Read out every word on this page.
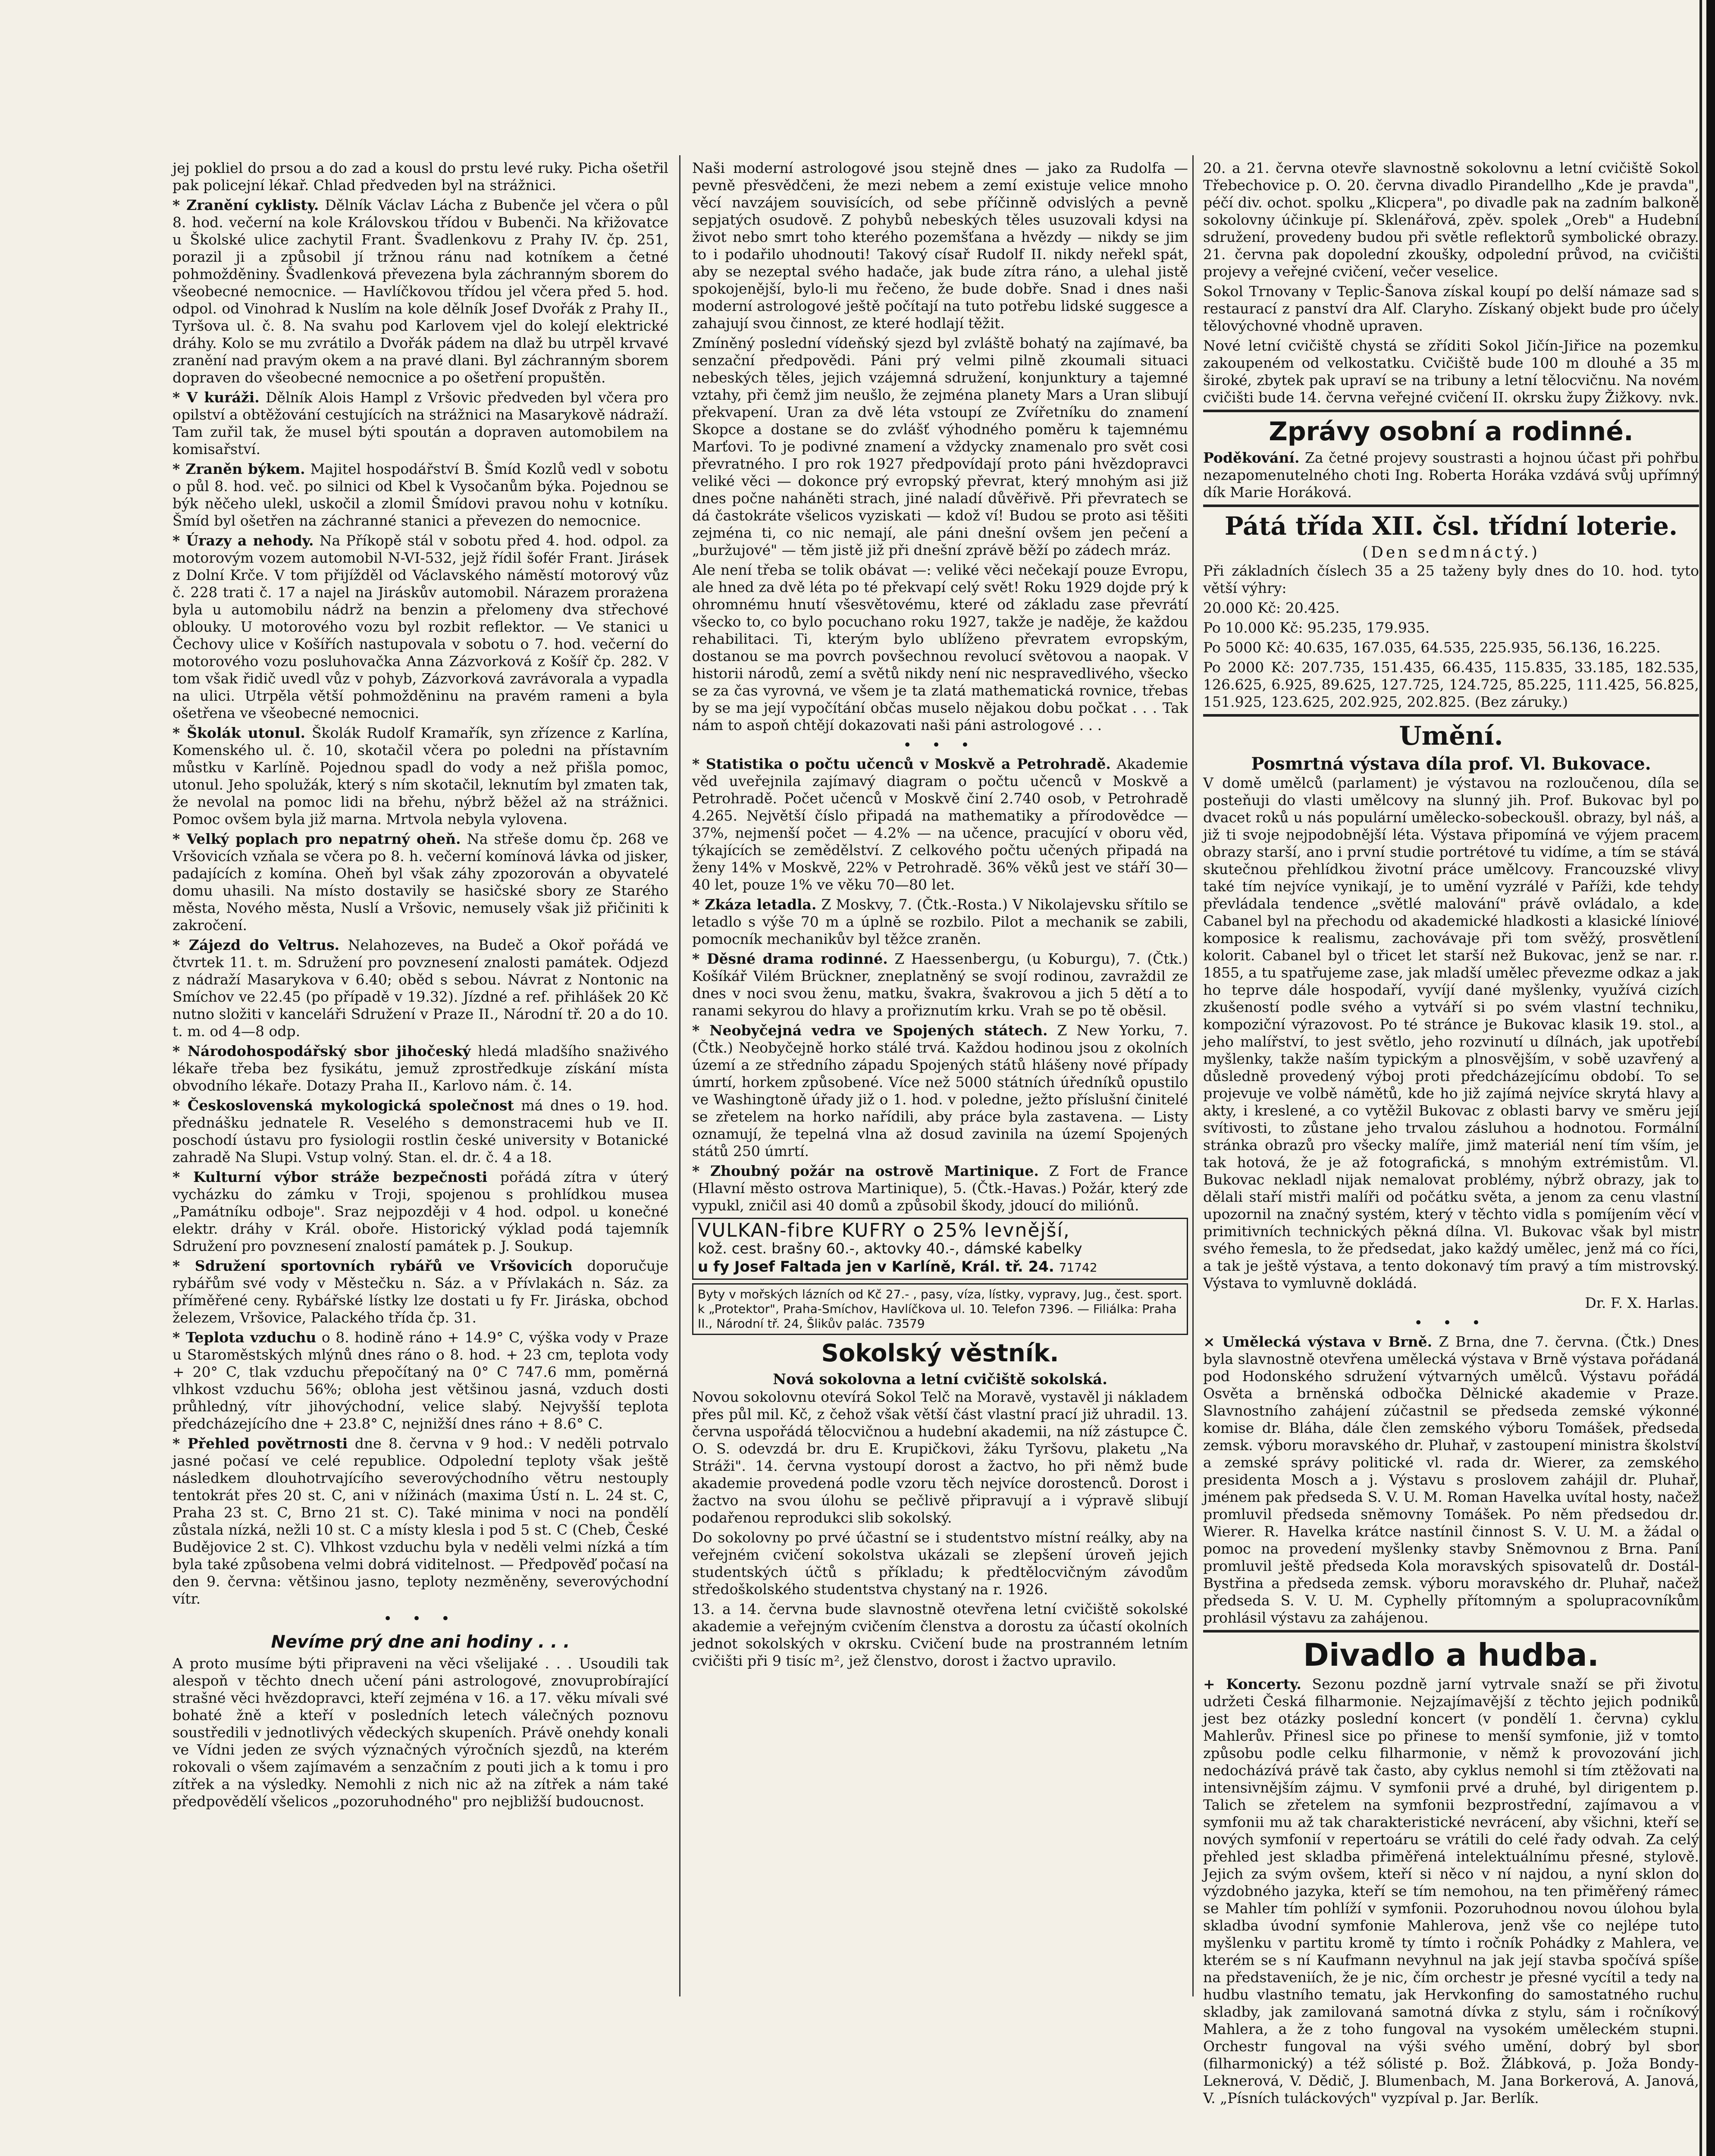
jej pokliel do prsou a do zad a kousl do prstu levé ruky. Picha ošetřil pak policejní lékař. Chlad předveden byl na strážnici.

* Zranění cyklisty. Dělník Václav Lácha z Bubenče jel včera o půl 8. hod. večerní na kole Královskou třídou v Bubenči. Na křižovatce u Školské ulice zachytil Frant. Švadlenkovu z Prahy IV. čp. 251, porazil ji a způsobil jí tržnou ránu nad kotníkem a četné pohmožděniny. Švadlenková převezena byla záchranným sborem do všeobecné nemocnice. — Havlíčkovou třídou jel včera před 5. hod. odpol. od Vinohrad k Nuslím na kole dělník Josef Dvořák z Prahy II., Tyršova ul. č. 8. Na svahu pod Karlovem vjel do kolejí elektrické dráhy. Kolo se mu zvrátilo a Dvořák pádem na dlaž bu utrpěl krvavé zranění nad pravým okem a na pravé dlani. Byl záchranným sborem dopraven do všeobecné nemocnice a po ošetření propuštěn.

* V kuráži. Dělník Alois Hampl z Vršovic předveden byl včera pro opilství a obtěžování cestujících na strážnici na Masarykově nádraží. Tam zuřil tak, že musel býti spoután a dopraven automobilem na komisařství.

* Zraněn býkem. Majitel hospodářství B. Šmíd Kozlů vedl v sobotu o půl 8. hod. več. po silnici od Kbel k Vysočanům býka. Pojednou se býk něčeho ulekl, uskočil a zlomil Šmídovi pravou nohu v kotníku. Šmíd byl ošetřen na záchranné stanici a převezen do nemocnice.

* Úrazy a nehody. Na Příkopě stál v sobotu před 4. hod. odpol. za motorovým vozem automobil N-VI-532, jejž řídil šofér Frant. Jirásek z Dolní Krče. V tom přijížděl od Václavského náměstí motorový vůz č. 228 trati č. 17 a najel na Jiráskův automobil. Nárazem prorażena byla u automobilu nádrž na benzin a přelomeny dva střechové oblouky. U motorového vozu byl rozbit reflektor. — Ve stanici u Čechovy ulice v Košířích nastupovala v sobotu o 7. hod. večerní do motorového vozu posluhovačka Anna Zázvorková z Košíř čp. 282. V tom však řidič uvedl vůz v pohyb, Zázvorková zavrávorala a vypadla na ulici. Utrpěla větší pohmožděninu na pravém rameni a byla ošetřena ve všeobecné nemocnici.

* Školák utonul. Školák Rudolf Kramařík, syn zřízence z Karlína, Komenského ul. č. 10, skotačil včera po poledni na přístavním můstku v Karlíně. Pojednou spadl do vody a než přišla pomoc, utonul. Jeho spolužák, který s ním skotačil, leknutím byl zmaten tak, že nevolal na pomoc lidi na břehu, nýbrž běžel až na strážnici. Pomoc ovšem byla již marna. Mrtvola nebyla vylovena.

* Velký poplach pro nepatrný oheň. Na střeše domu čp. 268 ve Vršovicích vzňala se včera po 8. h. večerní komínová lávka od jisker, padajících z komína. Oheň byl však záhy zpozorován a obyvatelé domu uhasili. Na místo dostavily se hasičské sbory ze Starého města, Nového města, Nuslí a Vršovic, nemusely však již přičiniti k zakročení.

* Zájezd do Veltrus. Nelahozeves, na Budeč a Okoř pořádá ve čtvrtek 11. t. m. Sdružení pro povznesení znalosti památek. Odjezd z nádraží Masarykova v 6.40; oběd s sebou. Návrat z Nontonic na Smíchov ve 22.45 (po případě v 19.32). Jízdné a ref. přihlášek 20 Kč nutno složiti v kanceláři Sdružení v Praze II., Národní tř. 20 a do 10. t. m. od 4—8 odp.

* Národohospodářský sbor jihočeský hledá mladšího snaživého lékaře třeba bez fysikátu, jemuž zprostředkuje získání místa obvodního lékaře. Dotazy Praha II., Karlovo nám. č. 14.

* Československá mykologická společnost má dnes o 19. hod. přednášku jednatele R. Veselého s demonstracemi hub ve II. poschodí ústavu pro fysiologii rostlin české university v Botanické zahradě Na Slupi. Vstup volný. Stan. el. dr. č. 4 a 18.

* Kulturní výbor stráže bezpečnosti pořádá zítra v úterý vycházku do zámku v Troji, spojenou s prohlídkou musea „Památníku odboje". Sraz nejpozději v 4 hod. odpol. u konečné elektr. dráhy v Král. oboře. Historický výklad podá tajemník Sdružení pro povznesení znalostí památek p. J. Soukup.

* Sdružení sportovních rybářů ve Vršovicích doporučuje rybářům své vody v Městečku n. Sáz. a v Přívlakách n. Sáz. za příměřené ceny. Rybářské lístky lze dostati u fy Fr. Jiráska, obchod železem, Vršovice, Palackého třída čp. 31.

* Teplota vzduchu o 8. hodině ráno + 14.9° C, výška vody v Praze u Staroměstských mlýnů dnes ráno o 8. hod. + 23 cm, teplota vody + 20° C, tlak vzduchu přepočítaný na 0° C 747.6 mm, poměrná vlhkost vzduchu 56%; obloha jest většinou jasná, vzduch dosti průhledný, vítr jihovýchodní, velice slabý. Nejvyšší teplota předcházejícího dne + 23.8° C, nejnižší dnes ráno + 8.6° C.

* Přehled povětrnosti dne 8. června v 9 hod.: V neděli potrvalo jasné počasí ve celé republice. Odpolední teploty však ještě následkem dlouhotrvajícího severovýchodního větru nestouply tentokrát přes 20 st. C, ani v nížinách (maxima Ústí n. L. 24 st. C, Praha 23 st. C, Brno 21 st. C). Také minima v noci na pondělí zůstala nízká, nežli 10 st. C a místy klesla i pod 5 st. C (Cheb, České Budějovice 2 st. C). Vlhkost vzduchu byla v neděli velmi nízká a tím byla také způsobena velmi dobrá viditelnost. — Předpověď počasí na den 9. června: většinou jasno, teploty nezměněny, severovýchodní vítr.

• • •
Nevíme prý dne ani hodiny . . .

A proto musíme býti připraveni na věci všelijaké . . . Usoudili tak alespoň v těchto dnech učení páni astrologové, znovuprobírající strašné věci hvězdopravci, kteří zejména v 16. a 17. věku mívali své bohaté žně a kteří v posledních letech válečných poznovu soustředili v jednotlivých vědeckých skupeních. Právě onehdy konali ve Vídni jeden ze svých význačných výročních sjezdů, na kterém rokovali o všem zajímavém a senzačním z pouti jich a k tomu i pro zítřek a na výsledky. Nemohli z nich nic až na zítřek a nám také předpovědělí všelicos „pozoruhodného" pro nejbližší budoucnost.

Naši moderní astrologové jsou stejně dnes — jako za Rudolfa — pevně přesvědčeni, že mezi nebem a zemí existuje velice mnoho věcí navzájem souvisících, od sebe příčinně odvislých a pevně sepjatých osudově. Z pohybů nebeských těles usuzovali kdysi na život nebo smrt toho kterého pozemšťana a hvězdy — nikdy se jim to i podařilo uhodnouti! Takový císař Rudolf II. nikdy neřekl spát, aby se nezeptal svého hadače, jak bude zítra ráno, a ulehal jistě spokojenější, bylo-li mu řečeno, že bude dobře. Snad i dnes naši moderní astrologové ještě počítají na tuto potřebu lidské suggesce a zahajují svou činnost, ze které hodlají těžit.

Zmíněný poslední vídeňský sjezd byl zvláště bohatý na zajímavé, ba senzační předpovědi. Páni prý velmi pilně zkoumali situaci nebeských těles, jejich vzájemná sdružení, konjunktury a tajemné vztahy, při čemž jim neušlo, že zejména planety Mars a Uran slibují překvapení. Uran za dvě léta vstoupí ze Zvířetníku do znamení Skopce a dostane se do zvlášť výhodného poměru k tajemnému Marťovi. To je podivné znamení a vždycky znamenalo pro svět cosi převratného. I pro rok 1927 předpovídají proto páni hvězdopravci veliké věci — dokonce prý evropský převrat, který mnohým asi již dnes počne naháněti strach, jiné naladí důvěřivě. Při převratech se dá častokráte všelicos vyziskati — kdož ví! Budou se proto asi těšiti zejména ti, co nic nemají, ale páni dnešní ovšem jen pečení a „buržujové" — těm jistě již při dnešní zprávě běží po zádech mráz.

Ale není třeba se tolik obávat —: veliké věci nečekají pouze Evropu, ale hned za dvě léta po té překvapí celý svět! Roku 1929 dojde prý k ohromnému hnutí všesvětovému, které od základu zase převrátí všecko to, co bylo pocuchano roku 1927, takže je naděje, že každou rehabilitaci. Ti, kterým bylo ublíženo převratem evropským, dostanou se ma povrch povšechnou revolucí světovou a naopak. V historii národů, zemí a světů nikdy není nic nespravedlivého, všecko se za čas vyrovná, ve všem je ta zlatá mathematická rovnice, třebas by se ma její vypočítání občas muselo nějakou dobu počkat . . . Tak nám to aspoň chtějí dokazovati naši páni astrologové . . .

• • •

* Statistika o počtu učenců v Moskvě a Petrohradě. Akademie věd uveřejnila zajímavý diagram o počtu učenců v Moskvě a Petrohradě. Počet učenců v Moskvě činí 2.740 osob, v Petrohradě 4.265. Největší číslo připadá na mathematiky a přírodovědce — 37%, nejmenší počet — 4.2% — na učence, pracující v oboru věd, týkajících se zemědělství. Z celkového počtu učených připadá na ženy 14% v Moskvě, 22% v Petrohradě. 36% věků jest ve stáří 30—40 let, pouze 1% ve věku 70—80 let.

* Zkáza letadla. Z Moskvy, 7. (Čtk.-Rosta.) V Nikolajevsku sřítilo se letadlo s výše 70 m a úplně se rozbilo. Pilot a mechanik se zabili, pomocník mechanikův byl těžce zraněn.

* Děsné drama rodinné. Z Haessenbergu, (u Koburgu), 7. (Čtk.) Košíkář Vilém Brückner, zneplatněný se svojí rodinou, zavraždil ze dnes v noci svou ženu, matku, švakra, švakrovou a jich 5 dětí a to ranami sekyrou do hlavy a prořiznutím krku. Vrah se po tě oběsil.

* Neobyčejná vedra ve Spojených státech. Z New Yorku, 7. (Čtk.) Neobyčejně horko stálé trvá. Každou hodinou jsou z okolních území a ze středního západu Spojených států hlášeny nové případy úmrtí, horkem způsobené. Více než 5000 státních úředníků opustilo ve Washingtoně úřady již o 1. hod. v poledne, ježto příslušní činitelé se zřetelem na horko nařídili, aby práce byla zastavena. — Listy oznamují, že tepelná vlna až dosud zavinila na území Spojených států 250 úmrtí.

* Zhoubný požár na ostrově Martinique. Z Fort de France (Hlavní město ostrova Martinique), 5. (Čtk.-Havas.) Požár, který zde vypukl, zničil asi 40 domů a způsobil škody, jdoucí do miliónů.

VULKAN-fibre KUFRY o 25% levnější,
kož. cest. brašny 60.-, aktovky 40.-, dámské kabelky
u fy Josef Faltada jen v Karlíně, Král. tř. 24. 71742
Byty v mořských lázních od Kč 27.- , pasy, víza, lístky, vypravy, Jug., čest. sport. k „Protektor", Praha-Smíchov, Havlíčkova ul. 10. Telefon 7396. — Filiálka: Praha II., Národní tř. 24, Šlikův palác. 73579
Sokolský věstník.
Nová sokolovna a letní cvičiště sokolská.

Novou sokolovnu otevírá Sokol Telč na Moravě, vystavěl ji nákladem přes půl mil. Kč, z čehož však větší část vlastní prací již uhradil. 13. června uspořádá tělocvičnou a hudební akademii, na níž zástupce Č. O. S. odevzdá br. dru E. Krupičkovi, žáku Tyršovu, plaketu „Na Stráži". 14. června vystoupí dorost a žactvo, ho při němž bude akademie provedená podle vzoru těch nejvíce dorostenců. Dorost i žactvo na svou úlohu se pečlivě připravují a i výpravě slibují podařenou reprodukci slib sokolský.

Do sokolovny po prvé účastní se i studentstvo místní reálky, aby na veřejném cvičení sokolstva ukázali se zlepšení úroveň jejich studentských účtů s příkladu; k předtělocvičným závodům středoškolského studentstva chystaný na r. 1926.

13. a 14. června bude slavnostně otevřena letní cvičiště sokolské akademie a veřejným cvičením členstva a dorostu za účastí okolních jednot sokolských v okrsku. Cvičení bude na prostranném letním cvičišti při 9 tisíc m², jež členstvo, dorost i žactvo upravilo.

20. a 21. června otevře slavnostně sokolovnu a letní cvičiště Sokol Třebechovice p. O. 20. června divadlo Pirandellho „Kde je pravda", péčí div. ochot. spolku „Klicpera", po divadle pak na zadním balkoně sokolovny účinkuje pí. Sklenářová, zpěv. spolek „Oreb" a Hudební sdružení, provedeny budou při světle reflektorů symbolické obrazy. 21. června pak dopolední zkoušky, odpolední průvod, na cvičišti projevy a veřejné cvičení, večer veselice.

Sokol Trnovany v Teplic-Šanova získal koupí po delší námaze sad s restaurací z panství dra Alf. Claryho. Získaný objekt bude pro účely tělovýchovné vhodně upraven.

Nové letní cvičiště chystá se zříditi Sokol Jičín-Jiřice na pozemku zakoupeném od velkostatku. Cvičiště bude 100 m dlouhé a 35 m široké, zbytek pak upraví se na tribuny a letní tělocvičnu. Na novém cvičišti bude 14. června veřejné cvičení II. okrsku župy Žižkovy. nvk.

Zprávy osobní a rodinné.

Poděkování. Za četné projevy soustrasti a hojnou účast při pohřbu nezapomenutelného choti Ing. Roberta Horáka vzdává svůj upřímný dík Marie Horáková.

Pátá třída XII. čsl. třídní loterie.
(Den sedmnáctý.)

Při základních číslech 35 a 25 taženy byly dnes do 10. hod. tyto větší výhry:

20.000 Kč: 20.425.

Po 10.000 Kč: 95.235, 179.935.

Po 5000 Kč: 40.635, 167.035, 64.535, 225.935, 56.136, 16.225.

Po 2000 Kč: 207.735, 151.435, 66.435, 115.835, 33.185, 182.535, 126.625, 6.925, 89.625, 127.725, 124.725, 85.225, 111.425, 56.825, 151.925, 123.625, 202.925, 202.825. (Bez záruky.)

Umění.
Posmrtná výstava díla prof. Vl. Bukovace.

V domě umělců (parlament) je výstavou na rozloučenou, díla se posteňuji do vlasti umělcovy na slunný jih. Prof. Bukovac byl po dvacet roků u nás populární umělecko-sobeckoušl. obrazy, byl náš, a již ti svoje nejpodobnější léta. Výstava připomíná ve výjem pracem obrazy starší, ano i první studie portrétové tu vidíme, a tím se stává skutečnou přehlídkou životní práce umělcovy. Francouzské vlivy také tím nejvíce vynikají, je to umění vyzrálé v Paříži, kde tehdy převládala tendence „světlé malování" právě ovládalo, a kde Cabanel byl na přechodu od akademické hladkosti a klasické líniové komposice k realismu, zachovávaje při tom svěžý, prosvětlení kolorit. Cabanel byl o třicet let starší než Bukovac, jenž se nar. r. 1855, a tu spatřujeme zase, jak mladší umělec převezme odkaz a jak ho teprve dále hospodaří, vyvíjí dané myšlenky, využívá cizích zkušeností podle svého a vytváří si po svém vlastní techniku, kompoziční výrazovost. Po té stránce je Bukovac klasik 19. stol., a jeho malířství, to jest světlo, jeho rozvinutí u dílnách, jak upotřebí myšlenky, takže naším typickým a plnosvějším, v sobě uzavřený a důsledně provedený výboj proti předcházejícímu období. To se projevuje ve volbě námětů, kde ho již zajímá nejvíce skrytá hlavy a akty, i kreslené, a co vytěžil Bukovac z oblasti barvy ve směru její svítivosti, to zůstane jeho trvalou zásluhou a hodnotou. Formální stránka obrazů pro všecky malíře, jimž materiál není tím vším, je tak hotová, že je až fotografická, s mnohým extrémistům. Vl. Bukovac nekladl nijak nemalovat problémy, nýbrž obrazy, jak to dělali staří mistři malíři od počátku světa, a jenom za cenu vlastní upozornil na značný systém, který v těchto vidla s pomíjením věcí v primitivních technických pěkná dílna. Vl. Bukovac však byl mistr svého řemesla, to že předsedat, jako každý umělec, jenž má co říci, a tak je ještě výstava, a tento dokonavý tím pravý a tím mistrovský. Výstava to vymluvně dokládá.

Dr. F. X. Harlas.

• • •

× Umělecká výstava v Brně. Z Brna, dne 7. června. (Čtk.) Dnes byla slavnostně otevřena umělecká výstava v Brně výstava pořádaná pod Hodonského sdružení výtvarných umělců. Výstavu pořádá Osvěta a brněnská odbočka Dělnické akademie v Praze. Slavnostního zahájení zúčastnil se předseda zemské výkonné komise dr. Bláha, dále člen zemského výboru Tomášek, předseda zemsk. výboru moravského dr. Pluhař, v zastoupení ministra školství a zemské správy politické vl. rada dr. Wierer, za zemského presidenta Mosch a j. Výstavu s proslovem zahájil dr. Pluhař, jménem pak předseda S. V. U. M. Roman Havelka uvítal hosty, načež promluvil předseda sněmovny Tomášek. Po něm předsedou dr. Wierer. R. Havelka krátce nastínil činnost S. V. U. M. a žádal o pomoc na provedení myšlenky stavby Sněmovnou z Brna. Paní promluvil ještě předseda Kola moravských spisovatelů dr. Dostál-Bystřina a předseda zemsk. výboru moravského dr. Pluhař, načež předseda S. V. U. M. Cyphelly přítomným a spolupracovníkům prohlásil výstavu za zahájenou.

Divadlo a hudba.

+ Koncerty. Sezonu pozdně jarní vytrvale snaží se při životu udržeti Česká filharmonie. Nejzajímavější z těchto jejich podniků jest bez otázky poslední koncert (v pondělí 1. června) cyklu Mahlerův. Přinesl sice po přinese to menší symfonie, již v tomto způsobu podle celku filharmonie, v němž k provozování jich nedocházívá právě tak často, aby cyklus nemohl si tím ztěžovati na intensivnějším zájmu. V symfonii prvé a druhé, byl dirigentem p. Talich se zřetelem na symfonii bezprostřední, zajímavou a v symfonii mu až tak charakteristické nevrácení, aby všichni, kteří se nových symfonií v repertoáru se vrátili do celé řady odvah. Za celý přehled jest skladba přiměřená intelektuálnímu přesné, stylově. Jejich za svým ovšem, kteří si něco v ní najdou, a nyní sklon do výzdobného jazyka, kteří se tím nemohou, na ten přiměřený rámec se Mahler tím pohlíží v symfonii. Pozoruhodnou novou úlohou byla skladba úvodní symfonie Mahlerova, jenž vše co nejlépe tuto myšlenku v partitu kromě ty tímto i ročník Pohádky z Mahlera, ve kterém se s ní Kaufmann nevyhnul na jak její stavba spočívá spíše na představeniích, že je nic, čím orchestr je přesné vycítil a tedy na hudbu vlastního tematu, jak Hervkonfing do samostatného ruchu skladby, jak zamilovaná samotná dívka z stylu, sám i ročníkový Mahlera, a že z toho fungoval na vysokém uměleckém stupni. Orchestr fungoval na výši svého umění, dobrý byl sbor (filharmonický) a též sólisté p. Bož. Žlábková, p. Joža Bondy-Leknerová, V. Dědič, J. Blumenbach, M. Jana Borkerová, A. Janová, V. „Písních tuláckových" vyzpíval p. Jar. Berlík.
